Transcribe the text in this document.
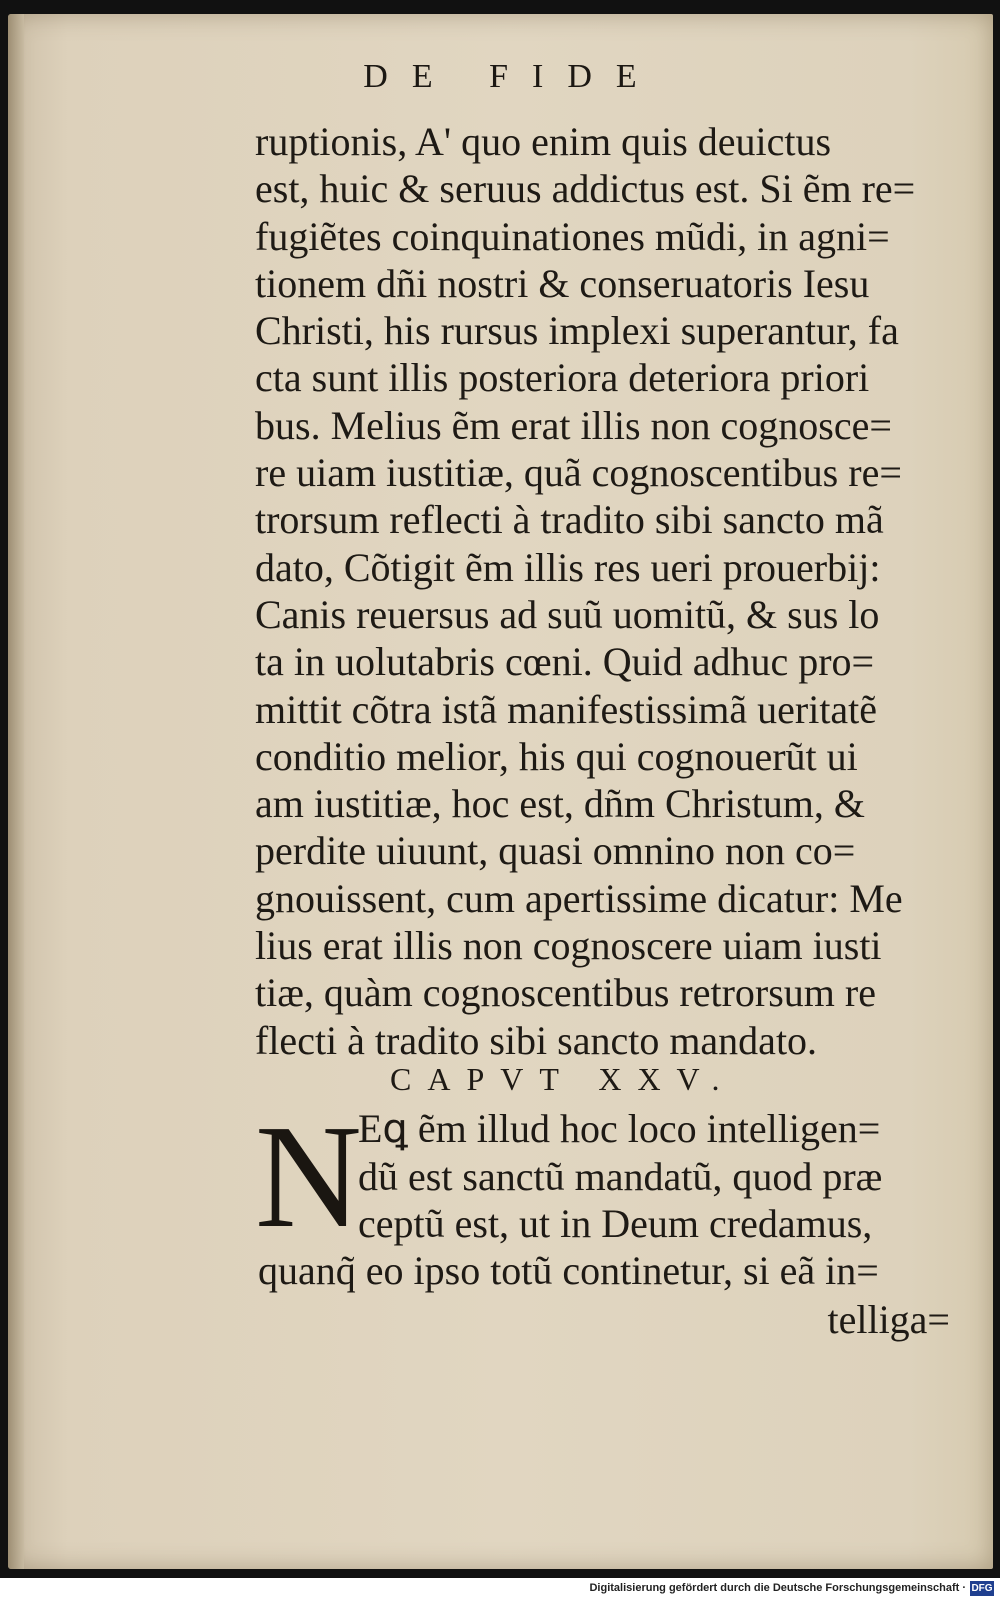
DE FIDE
ruptionis, A' quo enim quis deuictus
est, huic & seruus addictus est. Si ẽm re=
fugiẽtes coinquinationes mũdi, in agni=
tionem dñi nostri & conseruatoris Iesu
Christi, his rursus implexi superantur, fa
cta sunt illis posteriora deteriora priori
bus. Melius ẽm erat illis non cognosce=
re uiam iustitiæ, quã cognoscentibus re=
trorsum reflecti à tradito sibi sancto mã
dato, Cõtigit ẽm illis res ueri prouerbij:
Canis reuersus ad suũ uomitũ, & sus lo
ta in uolutabris cœni. Quid adhuc pro=
mittit cõtra istã manifestissimã ueritatẽ
conditio melior, his qui cognouerũt ui
am iustitiæ, hoc est, dñm Christum, &
perdite uiuunt, quasi omnino non co=
gnouissent, cum apertissime dicatur: Me
lius erat illis non cognoscere uiam iusti
tiæ, quàm cognoscentibus retrorsum re
flecti à tradito sibi sancto mandato.
CAPVT XXV.
N
Eꝗ ẽm illud hoc loco intelligen=
dũ est sanctũ mandatũ, quod præ
ceptũ est, ut in Deum credamus,
quanq̃ eo ipso totũ continetur, si eã in=
telliga=
Digitalisierung gefördert durch die Deutsche Forschungsgemeinschaft · DFG
